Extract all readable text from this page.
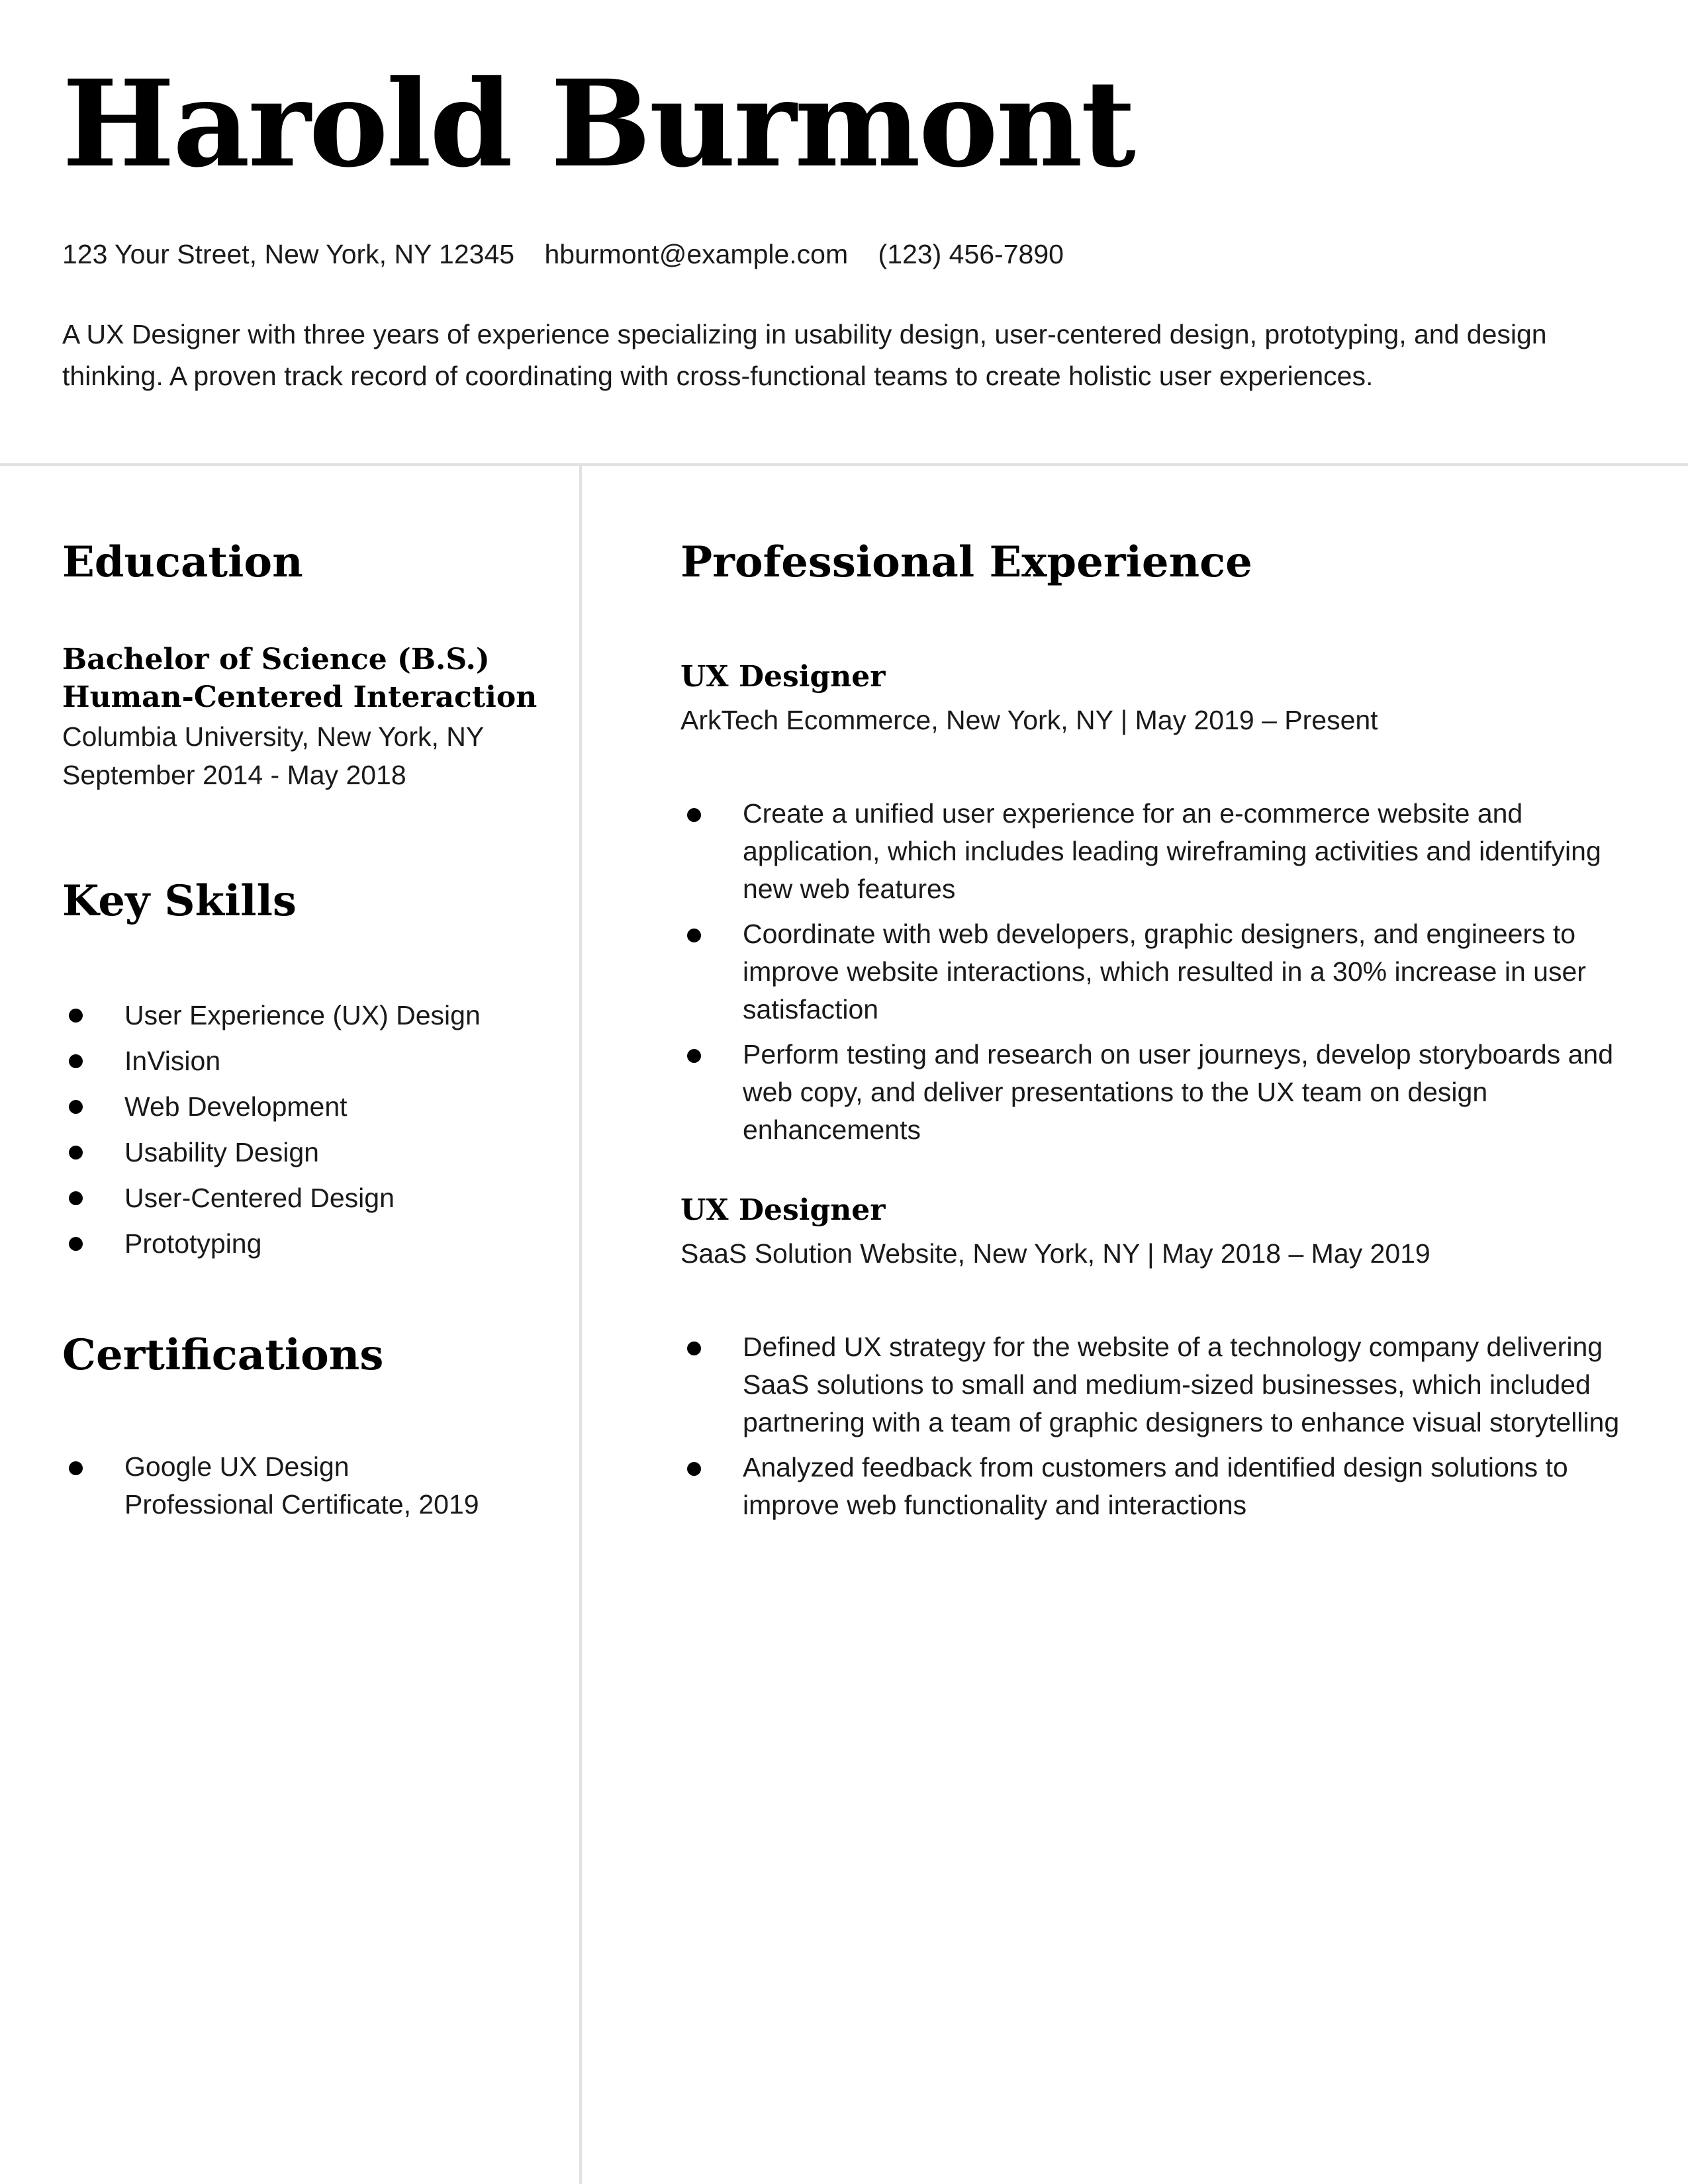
Harold Burmont
123 Your Street, New York, NY 12345 hburmont@example.com (123) 456-7890

A UX Designer with three years of experience specializing in usability design, user-centered design, prototyping, and design thinking. A proven track record of coordinating with cross-functional teams to create holistic user experiences.

Education
Bachelor of Science (B.S.)
Human-Centered Interaction
Columbia University, New York, NY
September 2014 - May 2018
Key Skills
User Experience (UX) Design
InVision
Web Development
Usability Design
User-Centered Design
Prototyping
Certifications
Google UX Design
Professional Certificate, 2019
Professional Experience
UX Designer
ArkTech Ecommerce, New York, NY | May 2019 – Present
Create a unified user experience for an e-commerce website and application, which includes leading wireframing activities and identifying new web features
Coordinate with web developers, graphic designers, and engineers to improve website interactions, which resulted in a 30% increase in user satisfaction
Perform testing and research on user journeys, develop storyboards and web copy, and deliver presentations to the UX team on design enhancements
UX Designer
SaaS Solution Website, New York, NY | May 2018 – May 2019
Defined UX strategy for the website of a technology company delivering SaaS solutions to small and medium-sized businesses, which included partnering with a team of graphic designers to enhance visual storytelling
Analyzed feedback from customers and identified design solutions to improve web functionality and interactions
